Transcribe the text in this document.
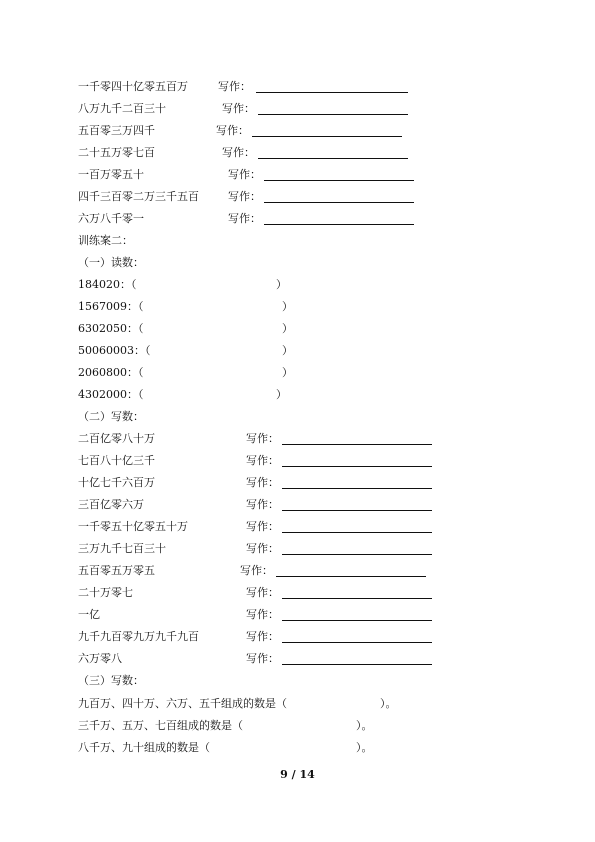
一千零四十亿零五百万	写作：
八万九千二百三十	写作：
五百零三万四千	写作：
二十五万零七百	写作：
一百万零五十	写作：
四千三百零二万三千五百	写作：
六万八千零一	写作：
训练案二：
（一）读数：
184020：（	）
1567009：（	）
6302050：（	）
50060003：（	）
2060800：（	）
4302000：（	）
（二）写数：
二百亿零八十万	写作：
七百八十亿三千	写作：
十亿七千六百万	写作：
三百亿零六万	写作：
一千零五十亿零五十万	写作：
三万九千七百三十	写作：
五百零五万零五	写作：
二十万零七	写作：
一亿	写作：
九千九百零九万九千九百	写作：
六万零八	写作：
（三）写数：
九百万、四十万、六万、五千组成的数是（	）。
三千万、五万、七百组成的数是（	）。
八千万、九十组成的数是（	）。
9 / 14
